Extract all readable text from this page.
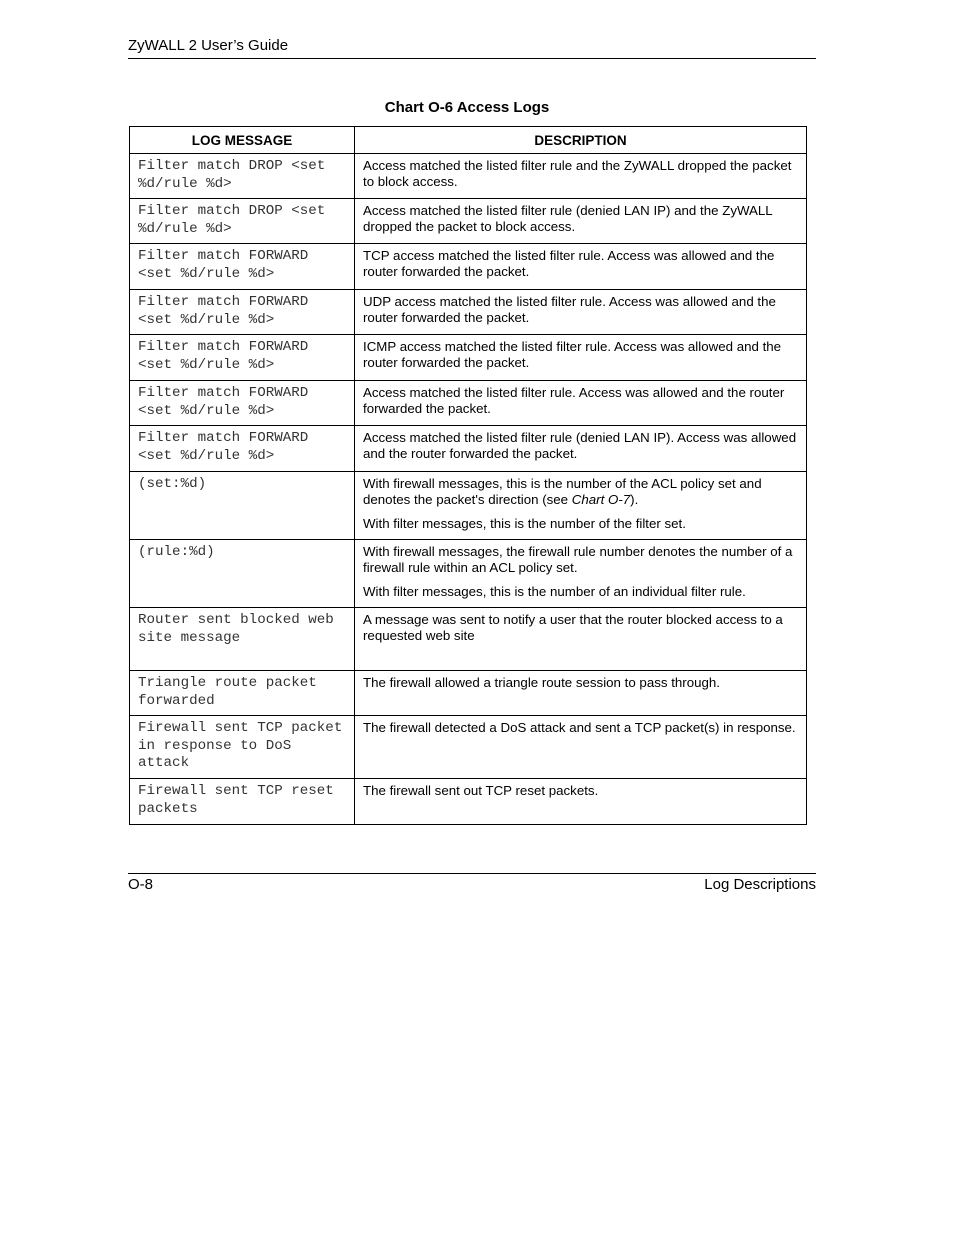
ZyWALL 2 User’s Guide
Chart O-6 Access Logs
LOG MESSAGE	DESCRIPTION
Filter match DROP <set %d/rule %d>	Access matched the listed filter rule and the ZyWALL dropped the packet to block access.

Filter match DROP <set %d/rule %d>	Access matched the listed filter rule (denied LAN IP) and the ZyWALL dropped the packet to block access.

Filter match FORWARD <set %d/rule %d>	TCP access matched the listed filter rule. Access was allowed and the router forwarded the packet.

Filter match FORWARD <set %d/rule %d>	UDP access matched the listed filter rule. Access was allowed and the router forwarded the packet.

Filter match FORWARD <set %d/rule %d>	ICMP access matched the listed filter rule. Access was allowed and the router forwarded the packet.

Filter match FORWARD <set %d/rule %d>	Access matched the listed filter rule. Access was allowed and the router forwarded the packet.

Filter match FORWARD <set %d/rule %d>	Access matched the listed filter rule (denied LAN IP). Access was allowed and the router forwarded the packet.

(set:%d)	With firewall messages, this is the number of the ACL policy set and denotes the packet's direction (see Chart O-7).

With filter messages, this is the number of the filter set.

(rule:%d)	With firewall messages, the firewall rule number denotes the number of a firewall rule within an ACL policy set.

With filter messages, this is the number of an individual filter rule.

Router sent blocked web site message	A message was sent to notify a user that the router blocked access to a requested web site

Triangle route packet forwarded	The firewall allowed a triangle route session to pass through.

Firewall sent TCP packet in response to DoS attack	The firewall detected a DoS attack and sent a TCP packet(s) in response.

Firewall sent TCP reset packets	The firewall sent out TCP reset packets.

O-8	Log Descriptions
